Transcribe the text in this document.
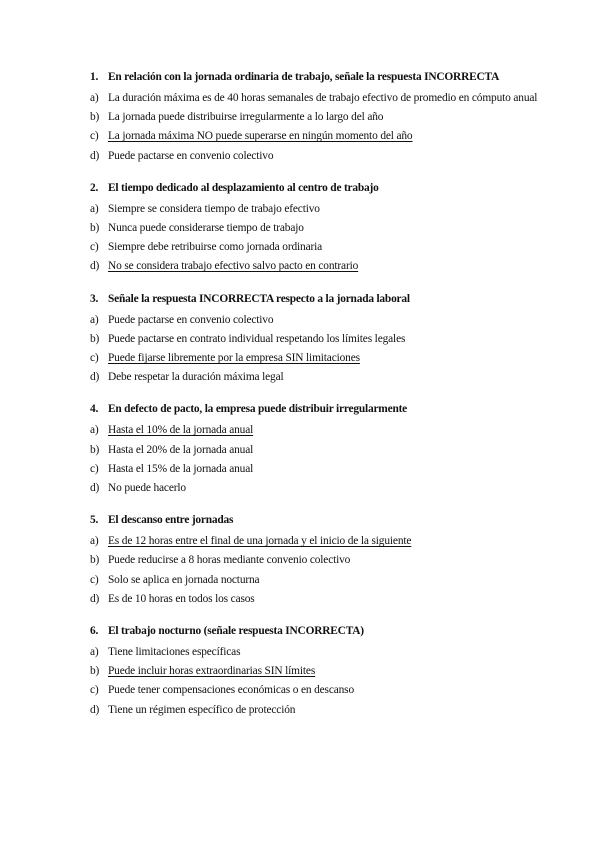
1. En relación con la jornada ordinaria de trabajo, señale la respuesta INCORRECTA
a) La duración máxima es de 40 horas semanales de trabajo efectivo de promedio en cómputo anual
b) La jornada puede distribuirse irregularmente a lo largo del año
c) La jornada máxima NO puede superarse en ningún momento del año
d) Puede pactarse en convenio colectivo
2. El tiempo dedicado al desplazamiento al centro de trabajo
a) Siempre se considera tiempo de trabajo efectivo
b) Nunca puede considerarse tiempo de trabajo
c) Siempre debe retribuirse como jornada ordinaria
d) No se considera trabajo efectivo salvo pacto en contrario
3. Señale la respuesta INCORRECTA respecto a la jornada laboral
a) Puede pactarse en convenio colectivo
b) Puede pactarse en contrato individual respetando los límites legales
c) Puede fijarse libremente por la empresa SIN limitaciones
d) Debe respetar la duración máxima legal
4. En defecto de pacto, la empresa puede distribuir irregularmente
a) Hasta el 10% de la jornada anual
b) Hasta el 20% de la jornada anual
c) Hasta el 15% de la jornada anual
d) No puede hacerlo
5. El descanso entre jornadas
a) Es de 12 horas entre el final de una jornada y el inicio de la siguiente
b) Puede reducirse a 8 horas mediante convenio colectivo
c) Solo se aplica en jornada nocturna
d) Es de 10 horas en todos los casos
6. El trabajo nocturno (señale respuesta INCORRECTA)
a) Tiene limitaciones específicas
b) Puede incluir horas extraordinarias SIN límites
c) Puede tener compensaciones económicas o en descanso
d) Tiene un régimen específico de protección
